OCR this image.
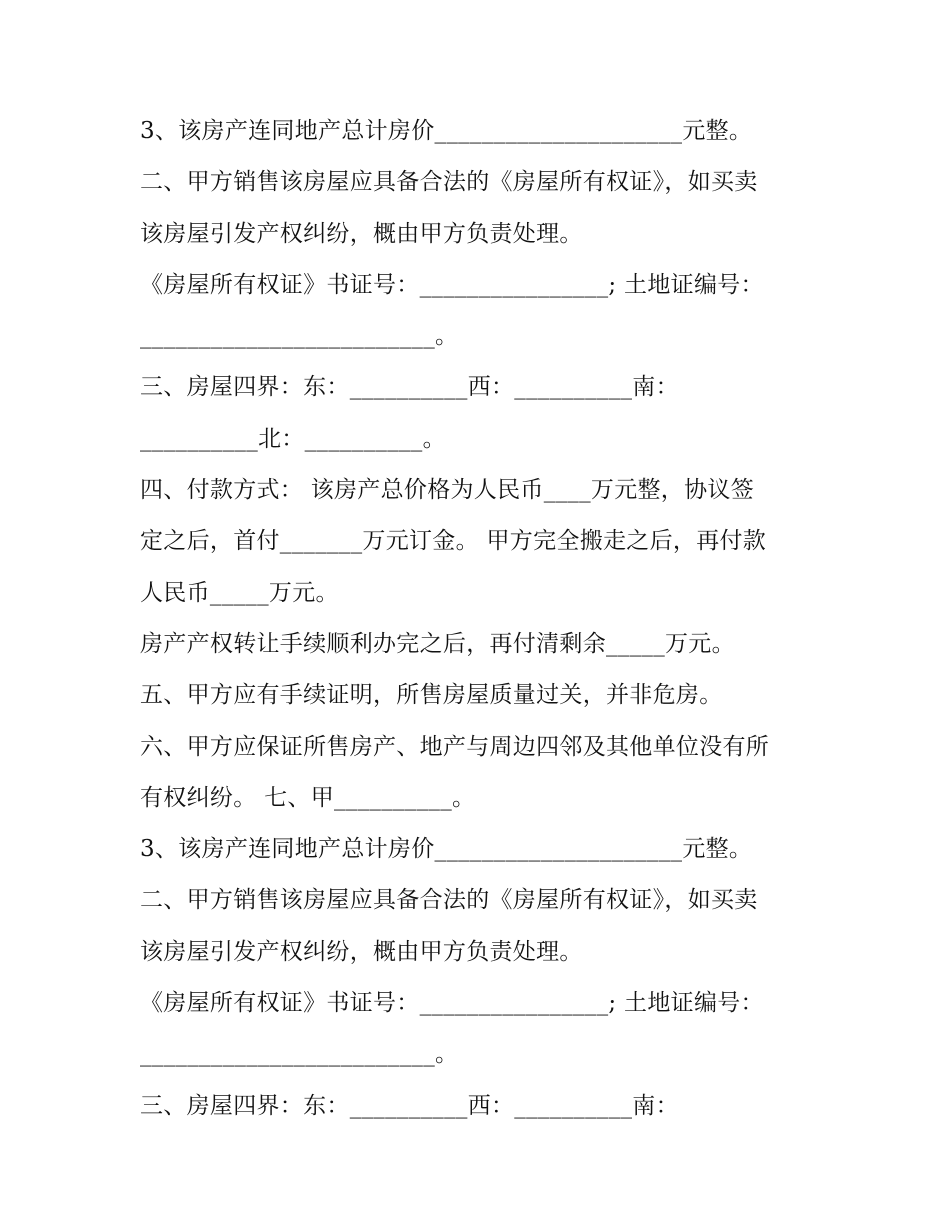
3、该房产连同地产总计房价_____________________元整。
二、甲方销售该房屋应具备合法的《房屋所有权证》，如买卖
该房屋引发产权纠纷，概由甲方负责处理。
《房屋所有权证》书证号：________________; 土地证编号：
_________________________。
三、房屋四界：东：__________西：__________南：
__________北：__________。
四、付款方式： 该房产总价格为人民币____万元整，协议签
定之后，首付_______万元订金。 甲方完全搬走之后，再付款
人民币_____万元。
房产产权转让手续顺利办完之后，再付清剩余_____万元。
五、甲方应有手续证明，所售房屋质量过关，并非危房。
六、甲方应保证所售房产、地产与周边四邻及其他单位没有所
有权纠纷。 七、甲__________。
3、该房产连同地产总计房价_____________________元整。
二、甲方销售该房屋应具备合法的《房屋所有权证》，如买卖
该房屋引发产权纠纷，概由甲方负责处理。
《房屋所有权证》书证号：________________; 土地证编号：
_________________________。
三、房屋四界：东：__________西：__________南：
